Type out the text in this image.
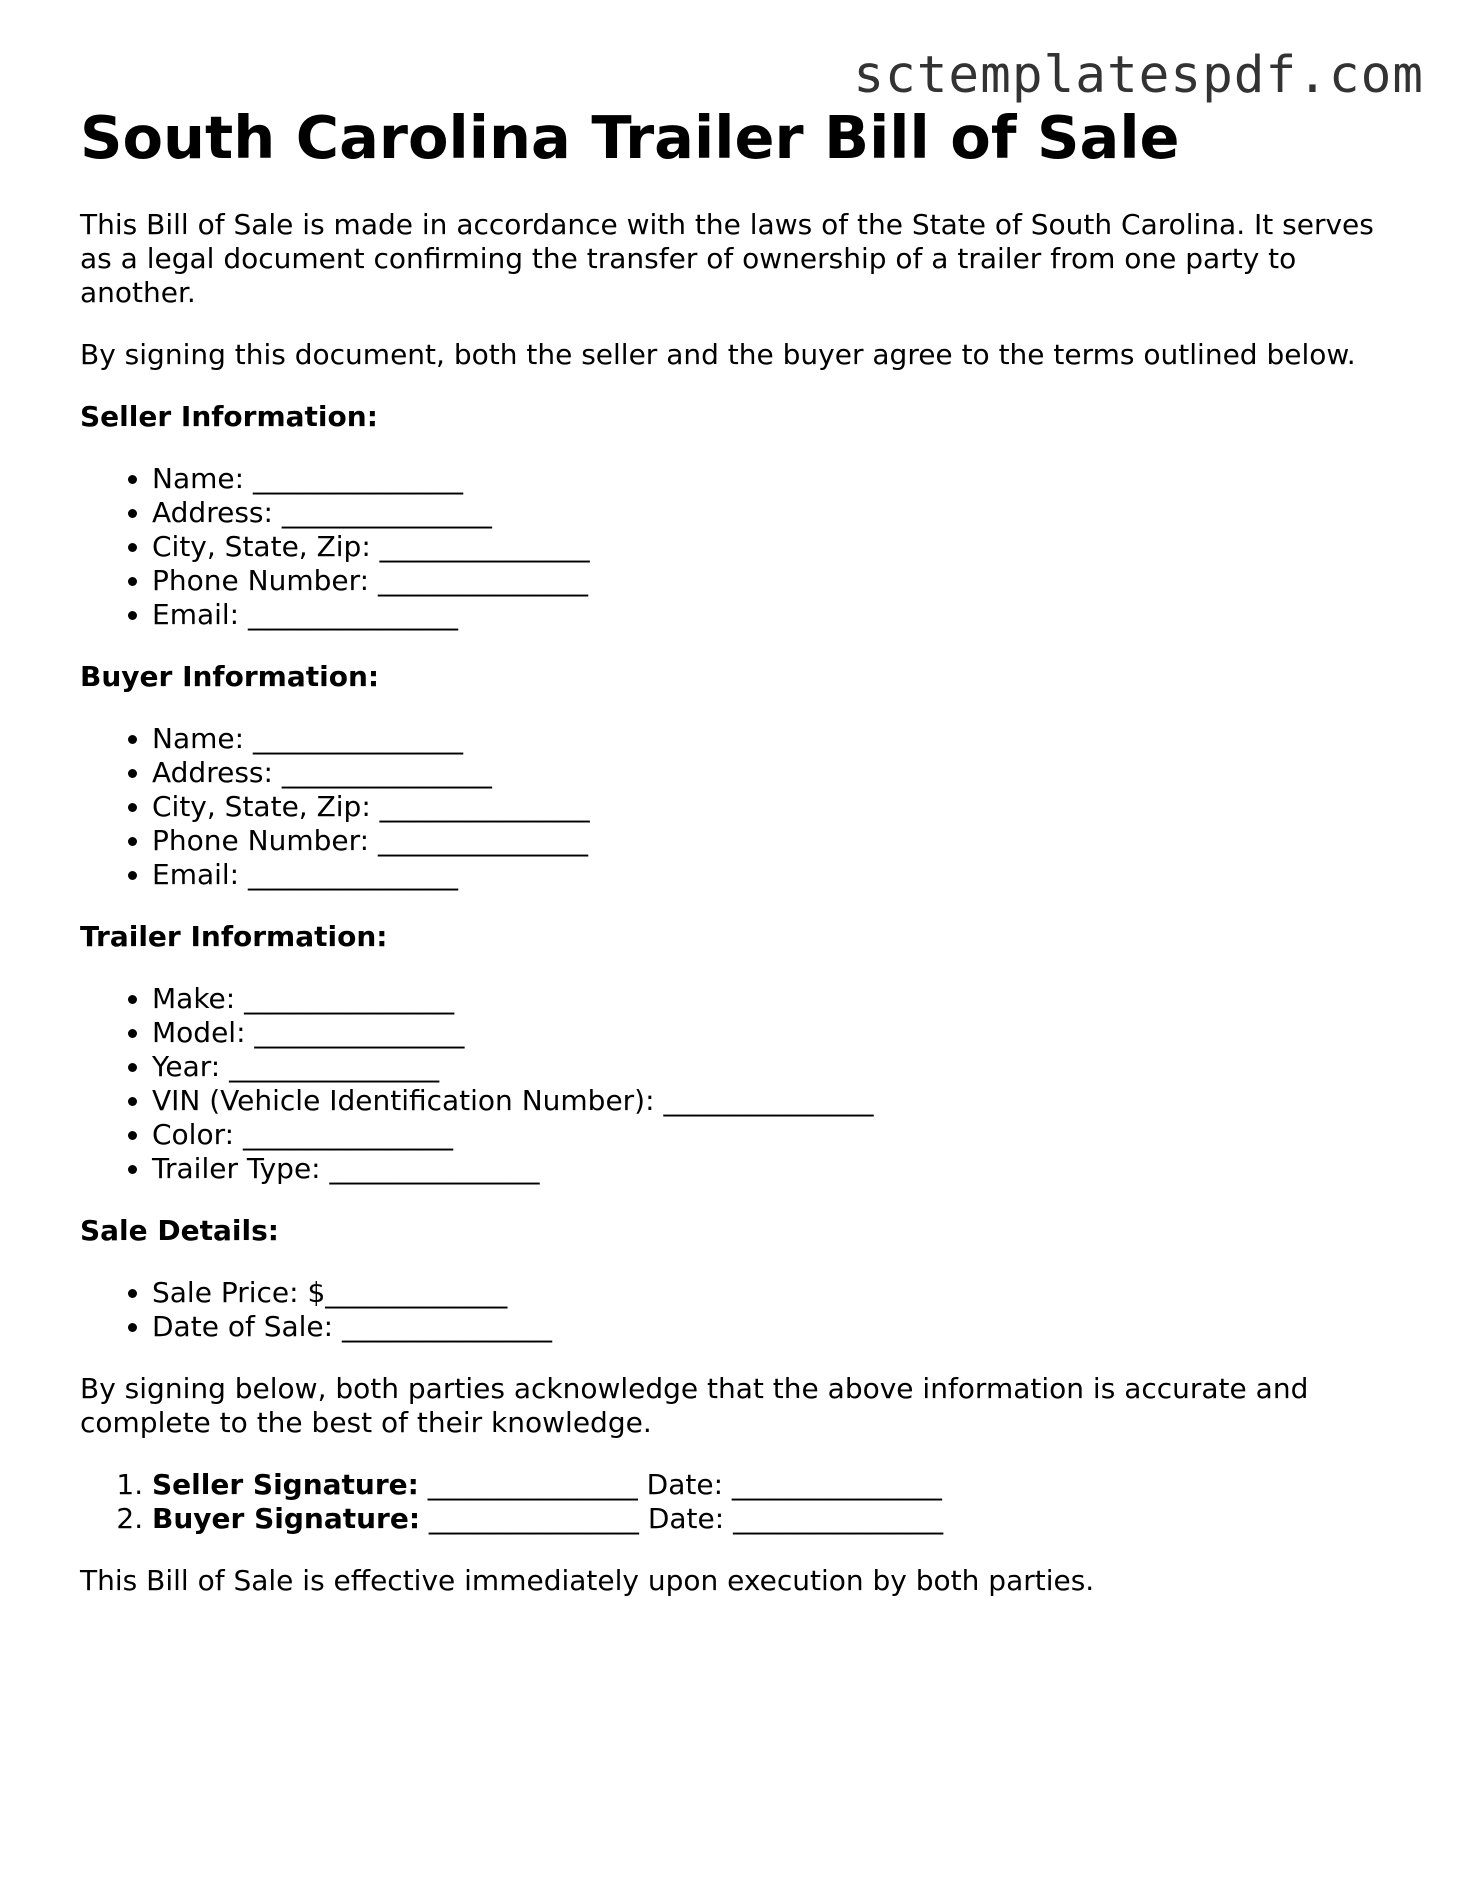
sctemplatespdf.com
South Carolina Trailer Bill of Sale

This Bill of Sale is made in accordance with the laws of the State of South Carolina. It serves as a legal document confirming the transfer of ownership of a trailer from one party to another.

By signing this document, both the seller and the buyer agree to the terms outlined below.

Seller Information:

• Name: _______________
• Address: _______________
• City, State, Zip: _______________
• Phone Number: _______________
• Email: _______________

Buyer Information:

• Name: _______________
• Address: _______________
• City, State, Zip: _______________
• Phone Number: _______________
• Email: _______________

Trailer Information:

• Make: _______________
• Model: _______________
• Year: _______________
• VIN (Vehicle Identification Number): _______________
• Color: _______________
• Trailer Type: _______________

Sale Details:

• Sale Price: $_____________
• Date of Sale: _______________

By signing below, both parties acknowledge that the above information is accurate and complete to the best of their knowledge.

1. Seller Signature: _______________ Date: _______________
2. Buyer Signature: _______________ Date: _______________

This Bill of Sale is effective immediately upon execution by both parties.
